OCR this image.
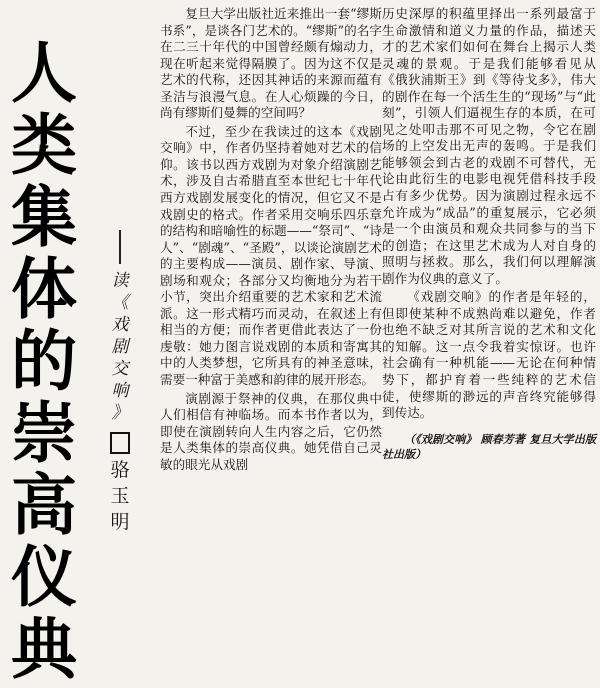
人
类
集
体
的
崇
高
仪
典
读
《
戏
剧
交
响
》
骆
玉
明

复旦大学出版社近来推出一套“缪斯书系”，是谈各门艺术的。“缪斯”的名字在二三十年代的中国曾经颇有煽动力，现在听起来觉得隔膜了。因为这不仅是艺术的代称，还因其神话的来源而蕴有圣洁与浪漫气息。在人心烦躁的今日，尚有缪斯们曼舞的空间吗？

不过，至少在我读过的这本《戏剧交响》中，作者仍坚持着她对艺术的信仰。该书以西方戏剧为对象介绍演剧艺术，涉及自古希腊直至本世纪七十年代西方戏剧发展变化的情况，但它又不是戏剧史的格式。作者采用交响乐四乐章的结构和暗喻性的标题——“祭司”、“诗人”、“剧魂”、“圣殿”，以谈论演剧艺术的主要构成——演员、剧作家、导演、剧场和观众；各部分又均衡地分为若干小节，突出介绍重要的艺术家和艺术流派。这一形式精巧而灵动，在叙述上有相当的方便；而作者更借此表达了一份虔敬：她力图言说戏剧的本质和寄寓其中的人类梦想，它所具有的神圣意味，需要一种富于美感和韵律的展开形态。

演剧源于祭神的仪典，在那仪典中人们相信有神临场。而本书作者以为，即使在演剧转向人生内容之后，它仍然是人类集体的崇高仪典。她凭借自己灵敏的眼光从戏剧

历史深厚的积蕴里择出一系列最富于生命激情和道义力量的作品，描述天才的艺术家们如何在舞台上揭示人类灵魂的景观。于是我们能够看见从《俄狄浦斯王》到《等待戈多》，伟大的剧作在每一个活生生的“现场”与“此刻”，引领人们逼视生存的本质，在可见之处叩击那不可见之物，令它在剧场的上空发出无声的轰鸣。于是我们能够领会到古老的戏剧不可替代，无论由此衍生的电影电视凭借科技手段占有多少优势。因为演剧过程永远不允许成为“成品”的重复展示，它必须是一个由演员和观众共同参与的当下的创造；在这里艺术成为人对自身的照明与拯救。那么，我们何以理解演剧作为仪典的意义了。

《戏剧交响》的作者是年轻的，但即使某种不成熟尚难以避免，作者也绝不缺乏对其所言说的艺术和文化的知解。这一点令我着实惊讶。也许社会确有一种机能——无论在何种情势下，都护育着一些纯粹的艺术信徒，使缪斯的渺远的声音终究能够得到传达。

（《戏剧交响》 顾春芳著 复旦大学出版社出版）
